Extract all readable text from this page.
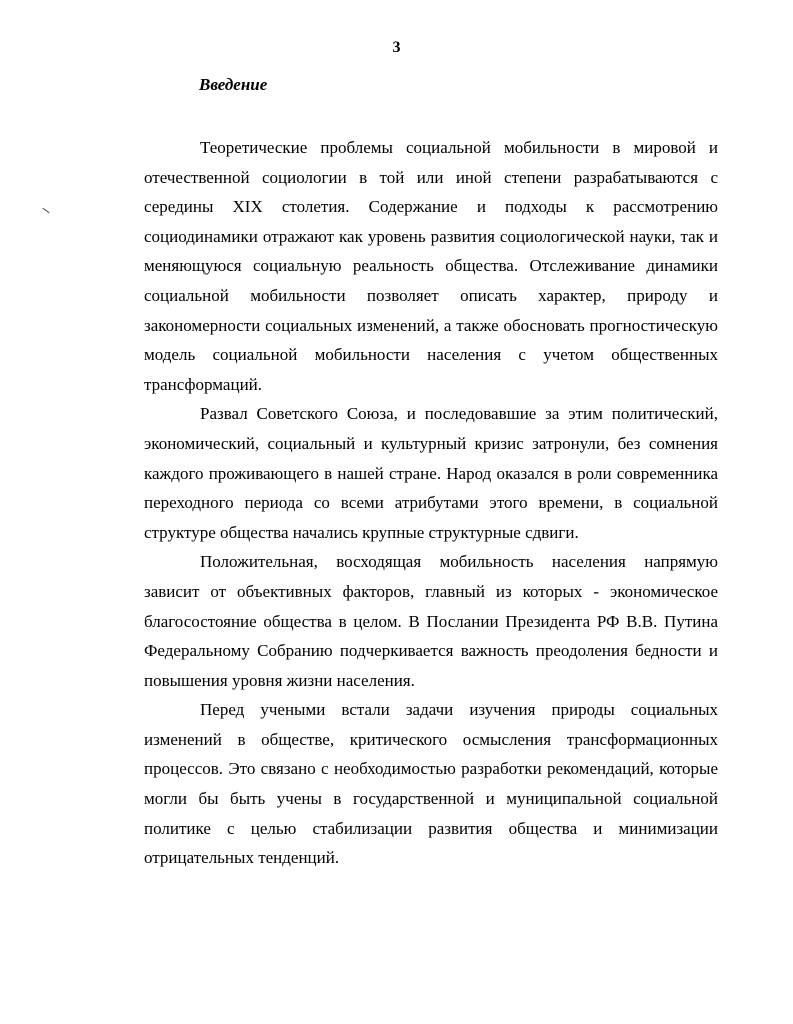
3
Введение

Теоретические проблемы социальной мобильности в мировой и отечественной социологии в той или иной степени разрабатываются с середины XIX столетия. Содержание и подходы к рассмотрению социодинамики отражают как уровень развития социологической науки, так и меняющуюся социальную реальность общества. Отслеживание динамики социальной мобильности позволяет описать характер, природу и закономерности социальных изменений, а также обосновать прогностическую модель социальной мобильности населения с учетом общественных трансформаций.

Развал Советского Союза, и последовавшие за этим политический, экономический, социальный и культурный кризис затронули, без сомнения каждого проживающего в нашей стране. Народ оказался в роли современника переходного периода со всеми атрибутами этого времени, в социальной структуре общества начались крупные структурные сдвиги.

Положительная, восходящая мобильность населения напрямую зависит от объективных факторов, главный из которых - экономическое благосостояние общества в целом. В Послании Президента РФ В.В. Путина Федеральному Собранию подчеркивается важность преодоления бедности и повышения уровня жизни населения.

Перед учеными встали задачи изучения природы социальных изменений в обществе, критического осмысления трансформационных процессов. Это связано с необходимостью разработки рекомендаций, которые могли бы быть учены в государственной и муниципальной социальной политике с целью стабилизации развития общества и минимизации отрицательных тенденций.
